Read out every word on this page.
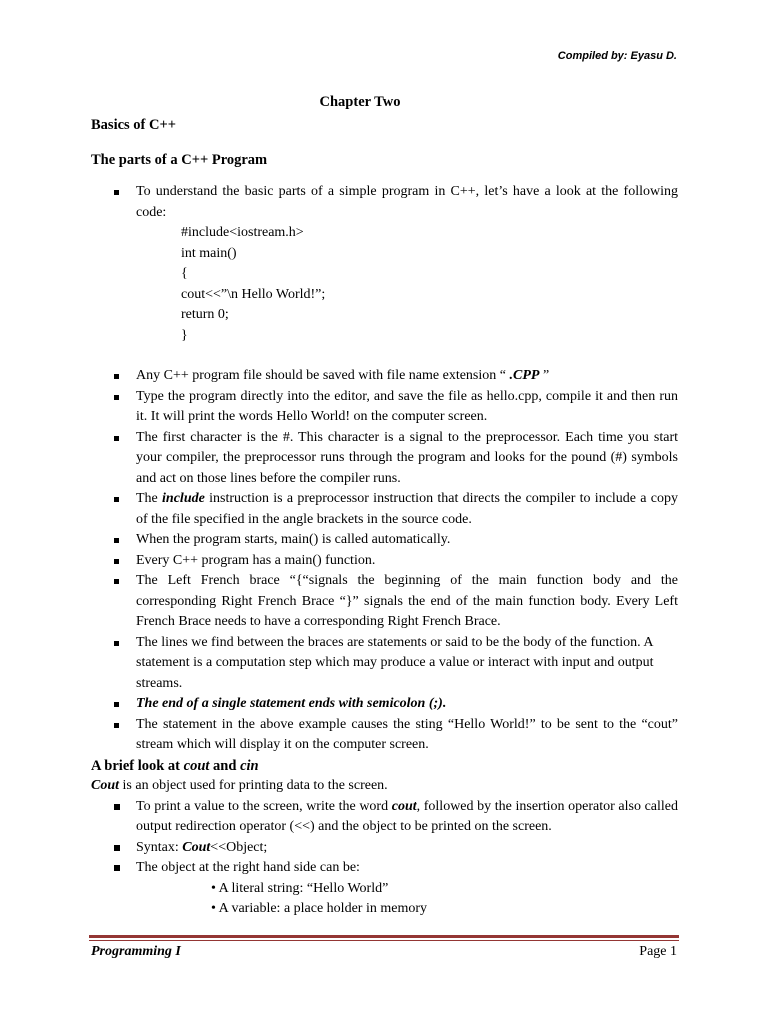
Compiled by: Eyasu D.
Chapter Two
Basics of C++
The parts of a C++ Program
To understand the basic parts of a simple program in C++, let’s have a look at the following code:
#include<iostream.h>
int main()
{
cout<<”\n Hello World!”;
return 0;
}
Any C++ program file should be saved with file name extension “ .CPP ”
Type the program directly into the editor, and save the file as hello.cpp, compile it and then run it. It will print the words Hello World! on the computer screen.
The first character is the #. This character is a signal to the preprocessor. Each time you start your compiler, the preprocessor runs through the program and looks for the pound (#) symbols and act on those lines before the compiler runs.
The include instruction is a preprocessor instruction that directs the compiler to include a copy of the file specified in the angle brackets in the source code.
When the program starts, main() is called automatically.
Every C++ program has a main() function.
The Left French brace “{“signals the beginning of the main function body and the corresponding Right French Brace “}” signals the end of the main function body. Every Left French Brace needs to have a corresponding Right French Brace.
The lines we find between the braces are statements or said to be the body of the function. A statement is a computation step which may produce a value or interact with input and output streams.
The end of a single statement ends with semicolon (;).
The statement in the above example causes the sting “Hello World!” to be sent to the “cout” stream which will display it on the computer screen.
A brief look at cout and cin

Cout is an object used for printing data to the screen.

To print a value to the screen, write the word cout, followed by the insertion operator also called output redirection operator (<<) and the object to be printed on the screen.
Syntax: Cout<<Object;
The object at the right hand side can be:
• A literal string: “Hello World”
• A variable: a place holder in memory
Programming I	Page 1
